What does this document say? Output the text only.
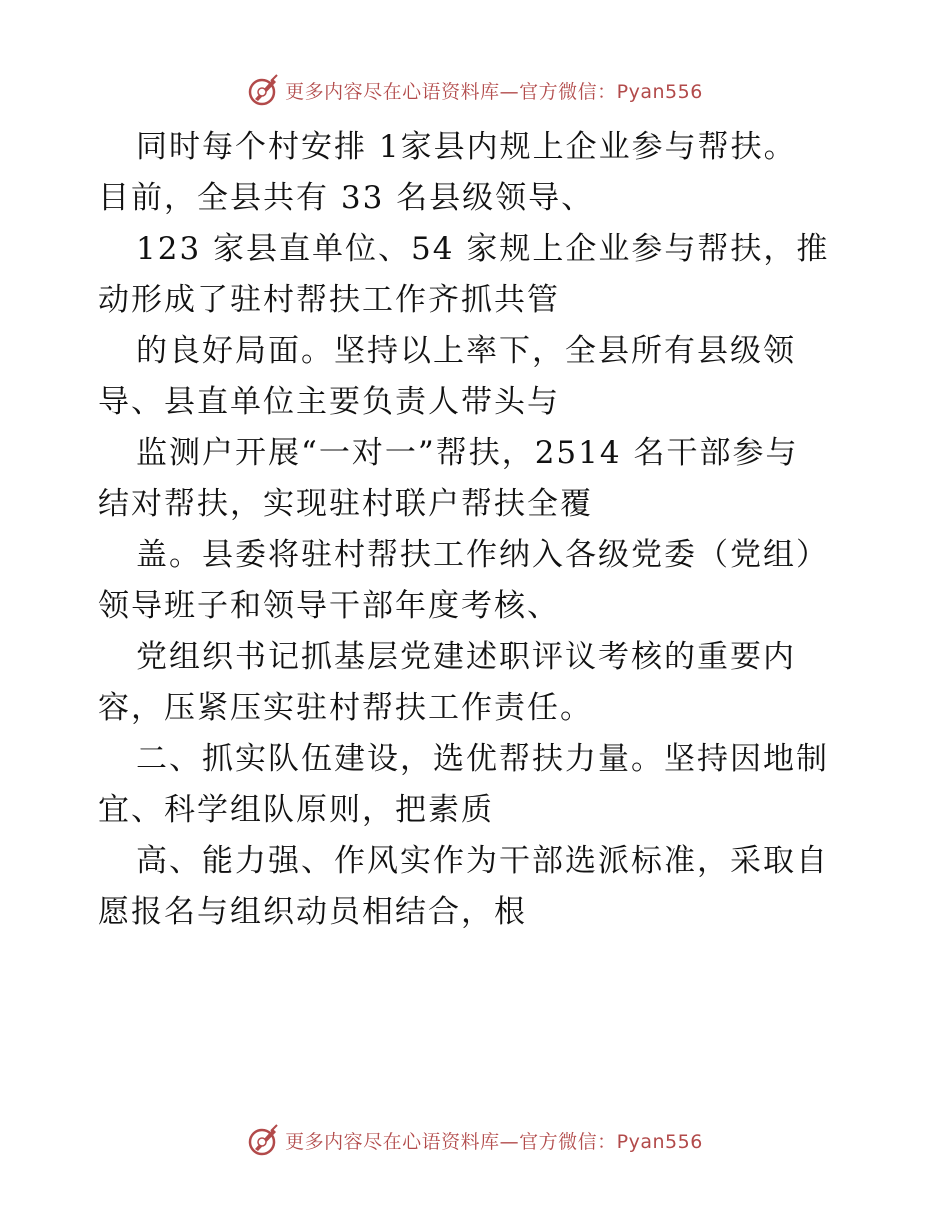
更多内容尽在心语资料库—官方微信：Pyan556
同时每个村安排 1家县内规上企业参与帮扶。
目前，全县共有 33 名县级领导、
123 家县直单位、54 家规上企业参与帮扶，推
动形成了驻村帮扶工作齐抓共管
的良好局面。坚持以上率下，全县所有县级领
导、县直单位主要负责人带头与
监测户开展“一对一”帮扶，2514 名干部参与
结对帮扶，实现驻村联户帮扶全覆
盖。县委将驻村帮扶工作纳入各级党委（党组）
领导班子和领导干部年度考核、
党组织书记抓基层党建述职评议考核的重要内
容，压紧压实驻村帮扶工作责任。
二、抓实队伍建设，选优帮扶力量。坚持因地制
宜、科学组队原则，把素质
高、能力强、作风实作为干部选派标准，采取自
愿报名与组织动员相结合，根
更多内容尽在心语资料库—官方微信：Pyan556
